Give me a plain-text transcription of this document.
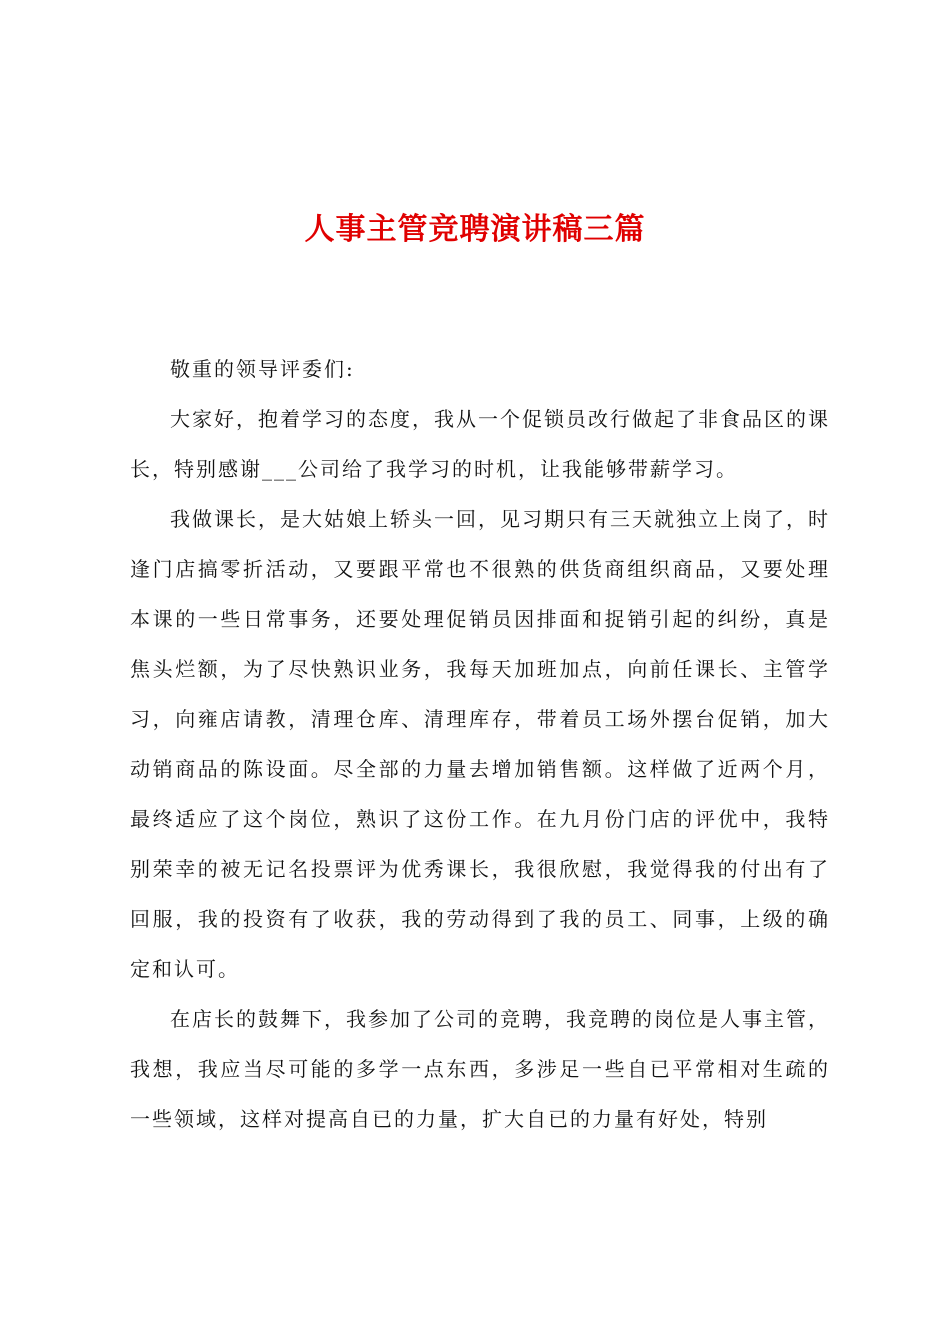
人事主管竞聘演讲稿三篇

敬重的领导评委们:

大家好，抱着学习的态度，我从一个促锁员改行做起了非食品区的课长，特别感谢___公司给了我学习的时机，让我能够带薪学习。

我做课长，是大姑娘上轿头一回，见习期只有三天就独立上岗了，时逢门店搞零折活动，又要跟平常也不很熟的供货商组织商品，又要处理本课的一些日常事务，还要处理促销员因排面和捉销引起的纠纷，真是焦头烂额，为了尽快熟识业务，我每天加班加点，向前任课长、主管学习，向雍店请教，清理仓库、清理库存，带着员工场外摆台促销，加大动销商品的陈设面。尽全部的力量去增加销售额。这样做了近两个月，最终适应了这个岗位，熟识了这份工作。在九月份门店的评优中，我特别荣幸的被无记名投票评为优秀课长，我很欣慰，我觉得我的付出有了回服，我的投资有了收获，我的劳动得到了我的员工、同事，上级的确定和认可。

在店长的鼓舞下，我参加了公司的竞聘，我竞聘的岗位是人事主管，我想，我应当尽可能的多学一点东西，多涉足一些自已平常相对生疏的一些领域，这样对提高自已的力量，扩大自已的力量有好处，特别
